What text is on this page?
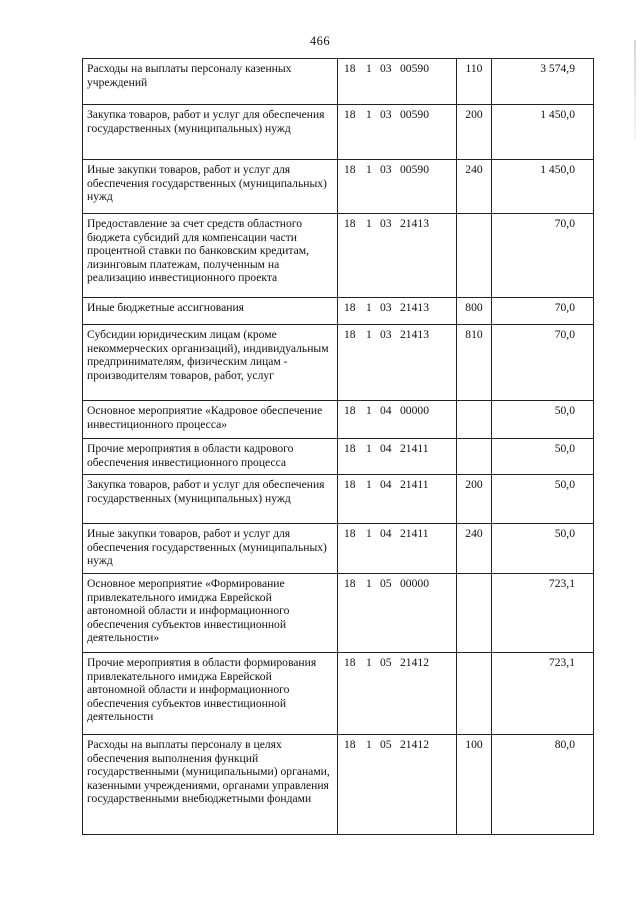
466
Расходы на выплаты персоналу казенных учреждений	18 1 03 00590	110	3 574,9
Закупка товаров, работ и услуг для обеспечения государственных (муниципальных) нужд	18 1 03 00590	200	1 450,0
Иные закупки товаров, работ и услуг для обеспечения государственных (муниципальных) нужд	18 1 03 00590	240	1 450,0
Предоставление за счет средств областного бюджета субсидий для компенсации части процентной ставки по банковским кредитам, лизинговым платежам, полученным на реализацию инвестиционного проекта	18 1 03 21413		70,0
Иные бюджетные ассигнования	18 1 03 21413	800	70,0
Субсидии юридическим лицам (кроме некоммерческих организаций), индивидуальным предпринимателям, физическим лицам - производителям товаров, работ, услуг	18 1 03 21413	810	70,0
Основное мероприятие «Кадровое обеспечение инвестиционного процесса»	18 1 04 00000		50,0
Прочие мероприятия в области кадрового обеспечения инвестиционного процесса	18 1 04 21411		50,0
Закупка товаров, работ и услуг для обеспечения государственных (муниципальных) нужд	18 1 04 21411	200	50,0
Иные закупки товаров, работ и услуг для обеспечения государственных (муниципальных) нужд	18 1 04 21411	240	50,0
Основное мероприятие «Формирование привлекательного имиджа Еврейской автономной области и информационного обеспечения субъектов инвестиционной деятельности»	18 1 05 00000		723,1
Прочие мероприятия в области формирования привлекательного имиджа Еврейской автономной области и информационного обеспечения субъектов инвестиционной деятельности	18 1 05 21412		723,1
Расходы на выплаты персоналу в целях обеспечения выполнения функций государственными (муниципальными) органами, казенными учреждениями, органами управления государственными внебюджетными фондами	18 1 05 21412	100	80,0
